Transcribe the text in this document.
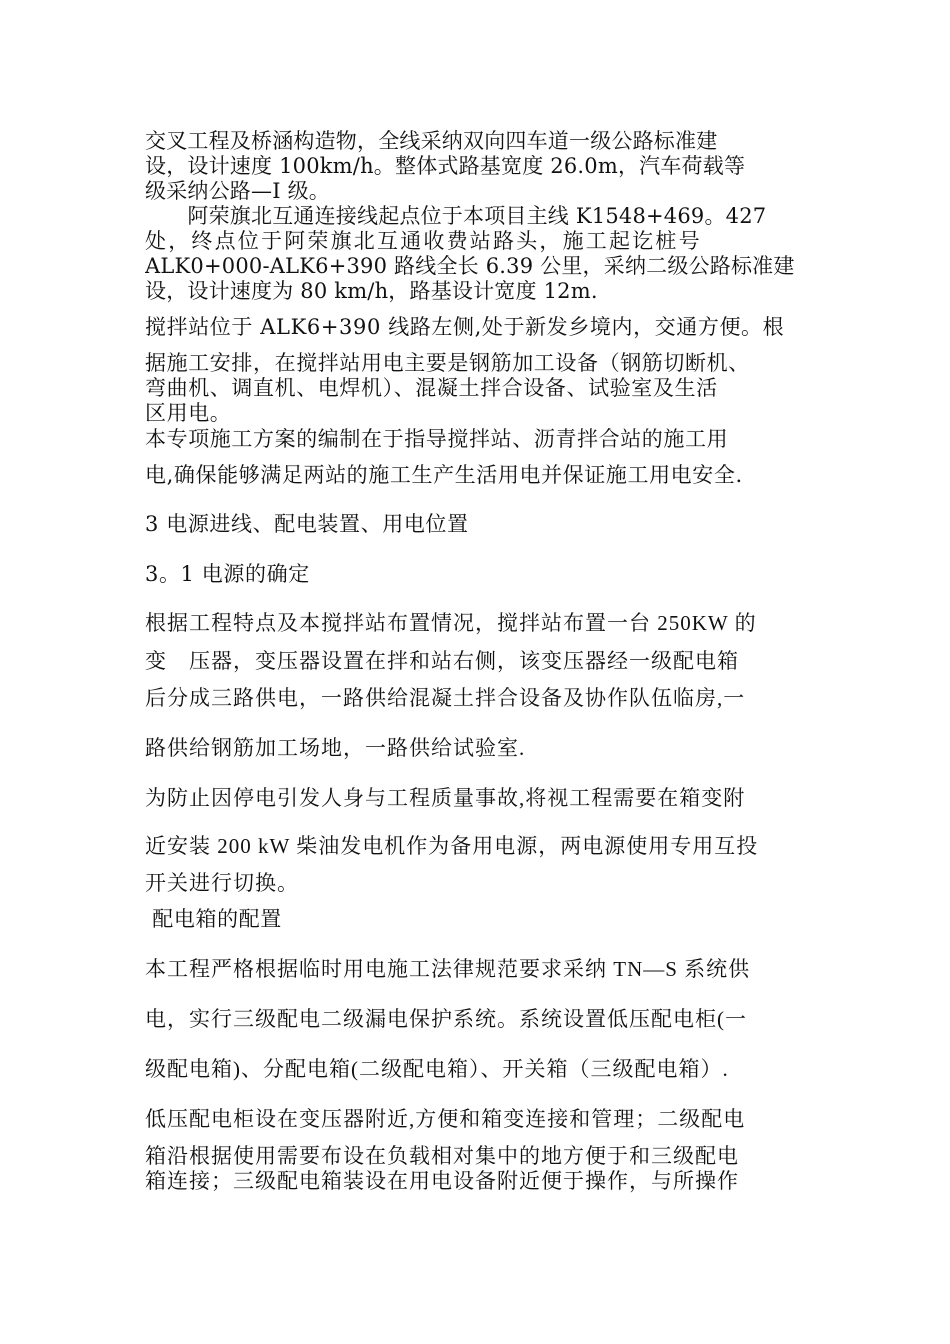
交叉工程及桥涵构造物，全线采纳双向四车道一级公路标准建

设，设计速度 100km/h。整体式路基宽度 26.0m，汽车荷载等

级采纳公路—I 级。

　　阿荣旗北互通连接线起点位于本项目主线 K1548+469。427

处，终点位于阿荣旗北互通收费站路头，施工起讫桩号

ALK0+000-ALK6+390 路线全长 6.39 公里，采纳二级公路标准建

设，设计速度为 80 km/h，路基设计宽度 12m.

搅拌站位于 ALK6+390 线路左侧,处于新发乡境内，交通方便。根

据施工安排，在搅拌站用电主要是钢筋加工设备（钢筋切断机、

弯曲机、调直机、电焊机）、混凝土拌合设备、试验室及生活

区用电。

本专项施工方案的编制在于指导搅拌站、沥青拌合站的施工用

电,确保能够满足两站的施工生产生活用电并保证施工用电安全.

3 电源进线、配电装置、用电位置

3。1 电源的确定

根据工程特点及本搅拌站布置情况，搅拌站布置一台 250KW 的

变　压器，变压器设置在拌和站右侧，该变压器经一级配电箱

后分成三路供电，一路供给混凝土拌合设备及协作队伍临房,一

路供给钢筋加工场地，一路供给试验室.

为防止因停电引发人身与工程质量事故,将视工程需要在箱变附

近安装 200 kW 柴油发电机作为备用电源，两电源使用专用互投

开关进行切换。

配电箱的配置

本工程严格根据临时用电施工法律规范要求采纳 TN—S 系统供

电，实行三级配电二级漏电保护系统。系统设置低压配电柜(一

级配电箱)、分配电箱(二级配电箱）、开关箱（三级配电箱）.

低压配电柜设在变压器附近,方便和箱变连接和管理；二级配电

箱沿根据使用需要布设在负载相对集中的地方便于和三级配电

箱连接；三级配电箱装设在用电设备附近便于操作，与所操作
